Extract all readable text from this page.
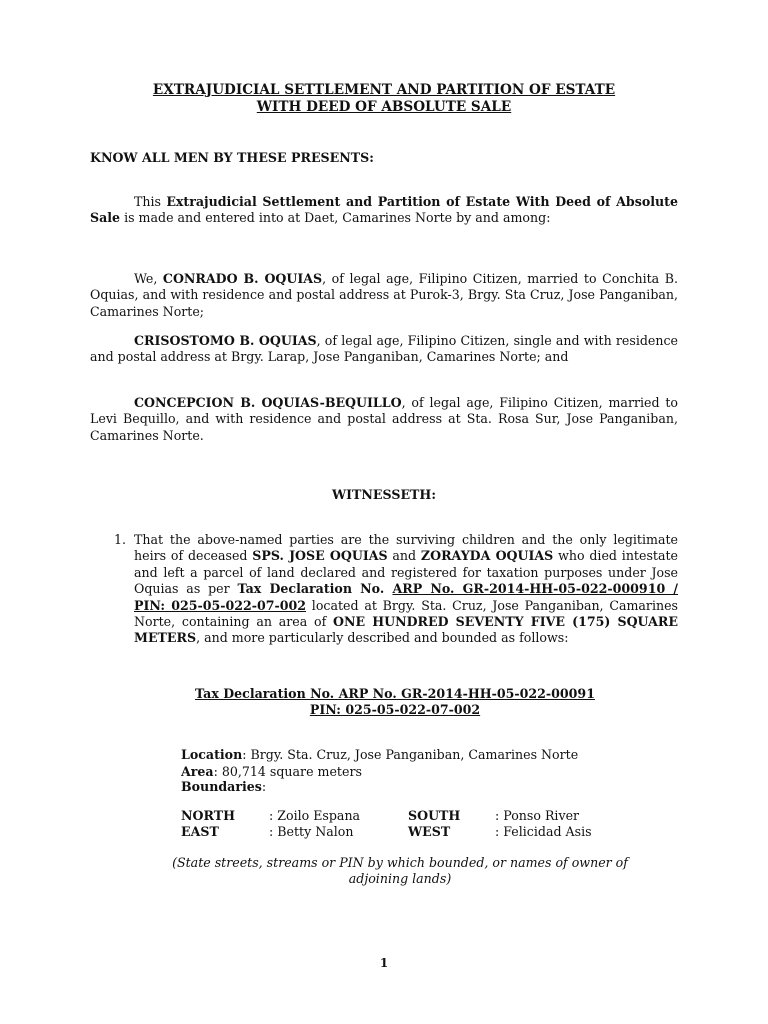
EXTRAJUDICIAL SETTLEMENT AND PARTITION OF ESTATE
WITH DEED OF ABSOLUTE SALE
KNOW ALL MEN BY THESE PRESENTS:
This Extrajudicial Settlement and Partition of Estate With Deed of Absolute Sale is made and entered into at Daet, Camarines Norte by and among:
We, CONRADO B. OQUIAS, of legal age, Filipino Citizen, married to Conchita B. Oquias, and with residence and postal address at Purok-3, Brgy. Sta Cruz, Jose Panganiban, Camarines Norte;
CRISOSTOMO B. OQUIAS, of legal age, Filipino Citizen, single and with residence and postal address at Brgy. Larap, Jose Panganiban, Camarines Norte; and
CONCEPCION B. OQUIAS-BEQUILLO, of legal age, Filipino Citizen, married to Levi Bequillo, and with residence and postal address at Sta. Rosa Sur, Jose Panganiban, Camarines Norte.
WITNESSETH:
1. That the above-named parties are the surviving children and the only legitimate heirs of deceased SPS. JOSE OQUIAS and ZORAYDA OQUIAS who died intestate and left a parcel of land declared and registered for taxation purposes under Jose Oquias as per Tax Declaration No. ARP No. GR-2014-HH-05-022-000910 / PIN: 025-05-022-07-002 located at Brgy. Sta. Cruz, Jose Panganiban, Camarines Norte, containing an area of ONE HUNDRED SEVENTY FIVE (175) SQUARE METERS, and more particularly described and bounded as follows:
Tax Declaration No. ARP No. GR-2014-HH-05-022-00091
PIN: 025-05-022-07-002
Location: Brgy. Sta. Cruz, Jose Panganiban, Camarines Norte
Area: 80,714 square meters
Boundaries:
NORTH	: Zoilo Espana	SOUTH	: Ponso River
EAST	: Betty Nalon	WEST	: Felicidad Asis
(State streets, streams or PIN by which bounded, or names of owner of adjoining lands)
1
